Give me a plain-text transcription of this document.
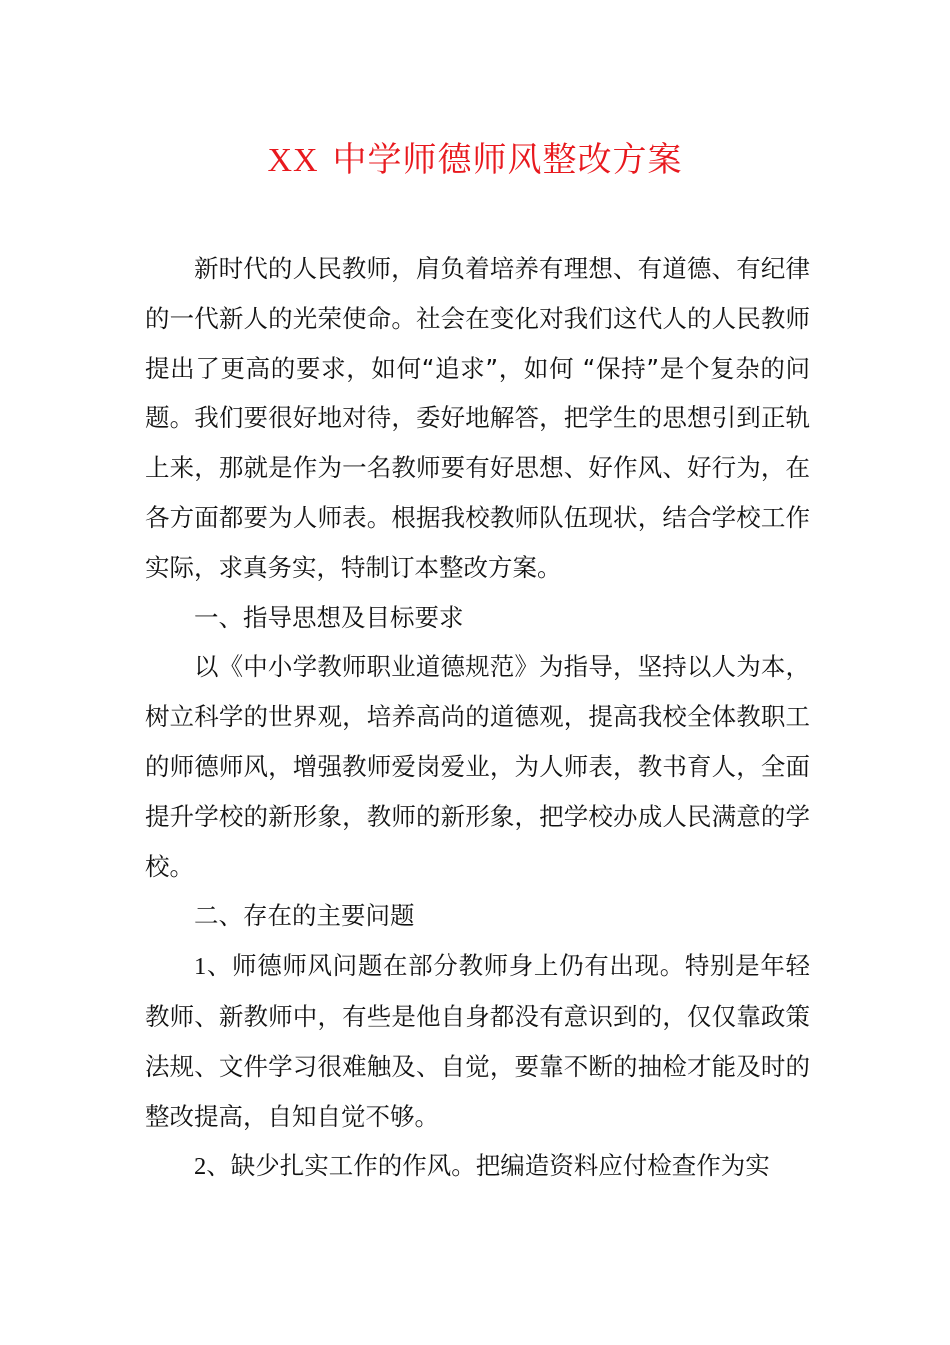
XX 中学师德师风整改方案

新时代的人民教师，肩负着培养有理想、有道德、有纪律的一代新人的光荣使命。社会在变化对我们这代人的人民教师提出了更高的要求，如何“追求”，如何 “保持”是个复杂的问题。我们要很好地对待，委好地解答，把学生的思想引到正轨上来，那就是作为一名教师要有好思想、好作风、好行为，在各方面都要为人师表。根据我校教师队伍现状，结合学校工作实际，求真务实，特制订本整改方案。

一、指导思想及目标要求

以《中小学教师职业道德规范》为指导，坚持以人为本，树立科学的世界观，培养高尚的道德观，提高我校全体教职工的师德师风，增强教师爱岗爱业，为人师表，教书育人，全面提升学校的新形象，教师的新形象，把学校办成人民满意的学校。

二、存在的主要问题

1、师德师风问题在部分教师身上仍有出现。特别是年轻教师、新教师中，有些是他自身都没有意识到的，仅仅靠政策法规、文件学习很难触及、自觉，要靠不断的抽检才能及时的整改提高，自知自觉不够。

2、缺少扎实工作的作风。把编造资料应付检查作为实
